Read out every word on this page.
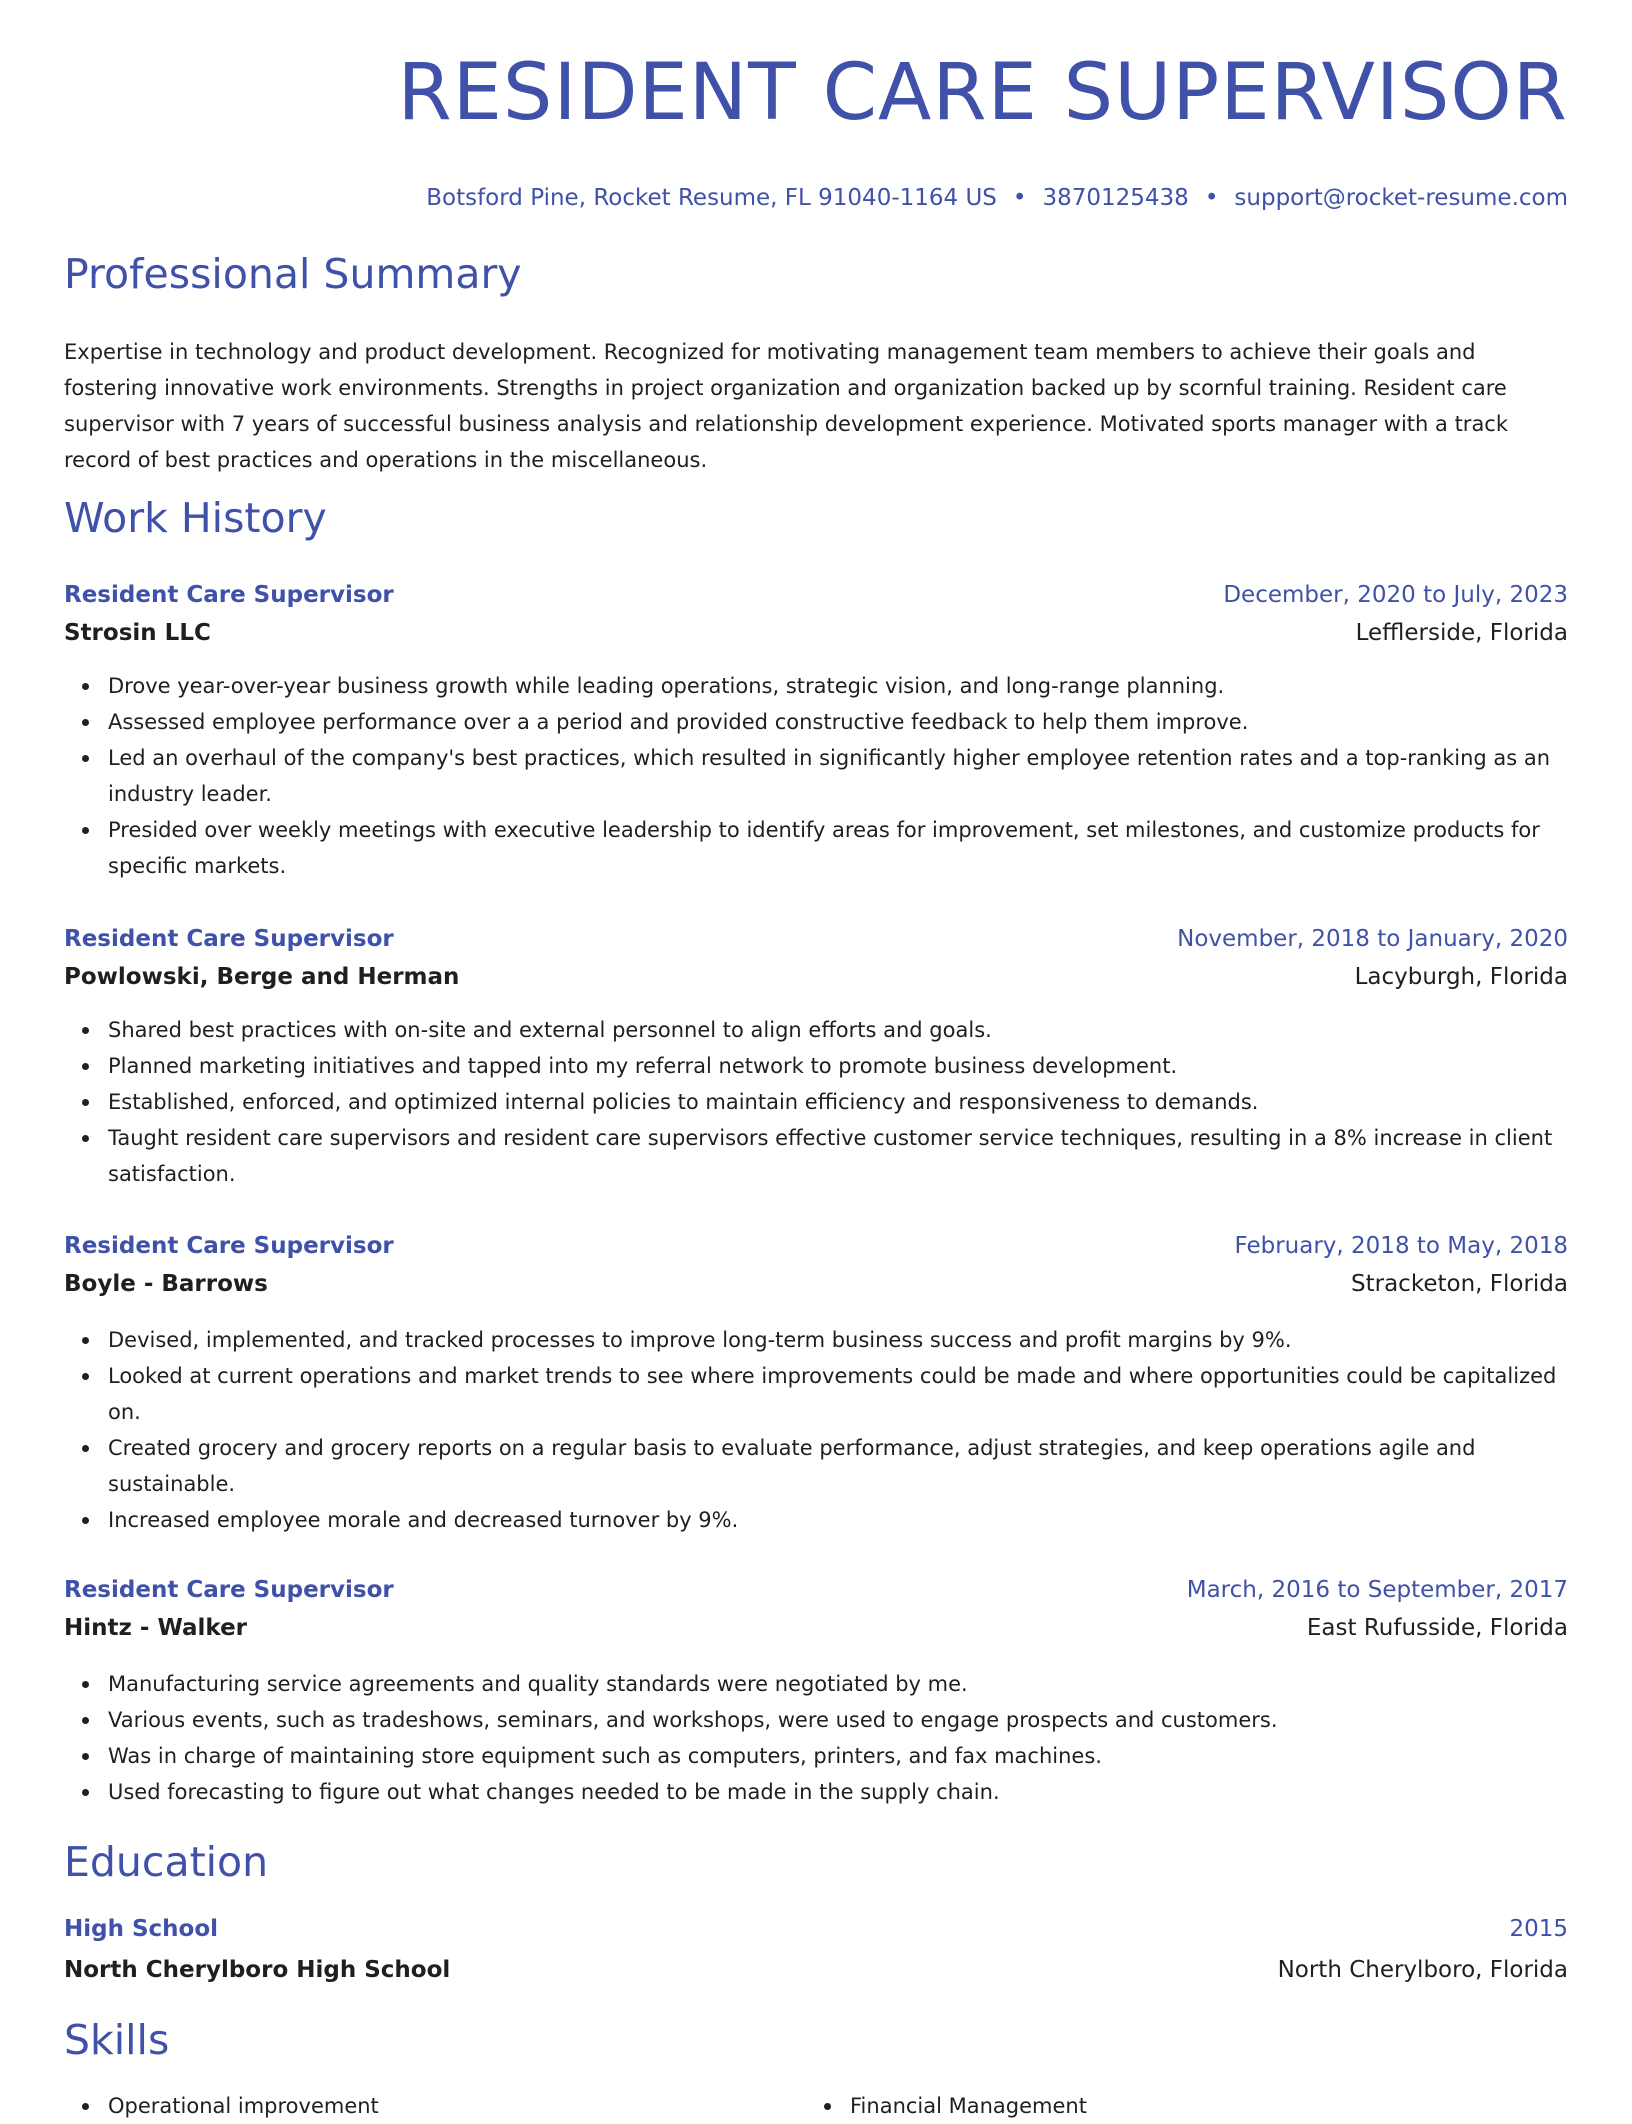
RESIDENT CARE SUPERVISOR
Botsford Pine, Rocket Resume, FL 91040-1164 US • 3870125438 • support@rocket-resume.com
Professional Summary

Expertise in technology and product development. Recognized for motivating management team members to achieve their goals and fostering innovative work environments. Strengths in project organization and organization backed up by scornful training. Resident care supervisor with 7 years of successful business analysis and relationship development experience. Motivated sports manager with a track record of best practices and operations in the miscellaneous.

Work History
Resident Care Supervisor	December, 2020 to July, 2023
Strosin LLC	Lefflerside, Florida
Drove year-over-year business growth while leading operations, strategic vision, and long-range planning.
Assessed employee performance over a a period and provided constructive feedback to help them improve.
Led an overhaul of the company's best practices, which resulted in significantly higher employee retention rates and a top-ranking as an industry leader.
Presided over weekly meetings with executive leadership to identify areas for improvement, set milestones, and customize products for specific markets.
Resident Care Supervisor	November, 2018 to January, 2020
Powlowski, Berge and Herman	Lacyburgh, Florida
Shared best practices with on-site and external personnel to align efforts and goals.
Planned marketing initiatives and tapped into my referral network to promote business development.
Established, enforced, and optimized internal policies to maintain efficiency and responsiveness to demands.
Taught resident care supervisors and resident care supervisors effective customer service techniques, resulting in a 8% increase in client satisfaction.
Resident Care Supervisor	February, 2018 to May, 2018
Boyle - Barrows	Stracketon, Florida
Devised, implemented, and tracked processes to improve long-term business success and profit margins by 9%.
Looked at current operations and market trends to see where improvements could be made and where opportunities could be capitalized on.
Created grocery and grocery reports on a regular basis to evaluate performance, adjust strategies, and keep operations agile and sustainable.
Increased employee morale and decreased turnover by 9%.
Resident Care Supervisor	March, 2016 to September, 2017
Hintz - Walker	East Rufusside, Florida
Manufacturing service agreements and quality standards were negotiated by me.
Various events, such as tradeshows, seminars, and workshops, were used to engage prospects and customers.
Was in charge of maintaining store equipment such as computers, printers, and fax machines.
Used forecasting to figure out what changes needed to be made in the supply chain.
Education
High School	2015
North Cherylboro High School	North Cherylboro, Florida
Skills
Operational improvement	Financial Management
